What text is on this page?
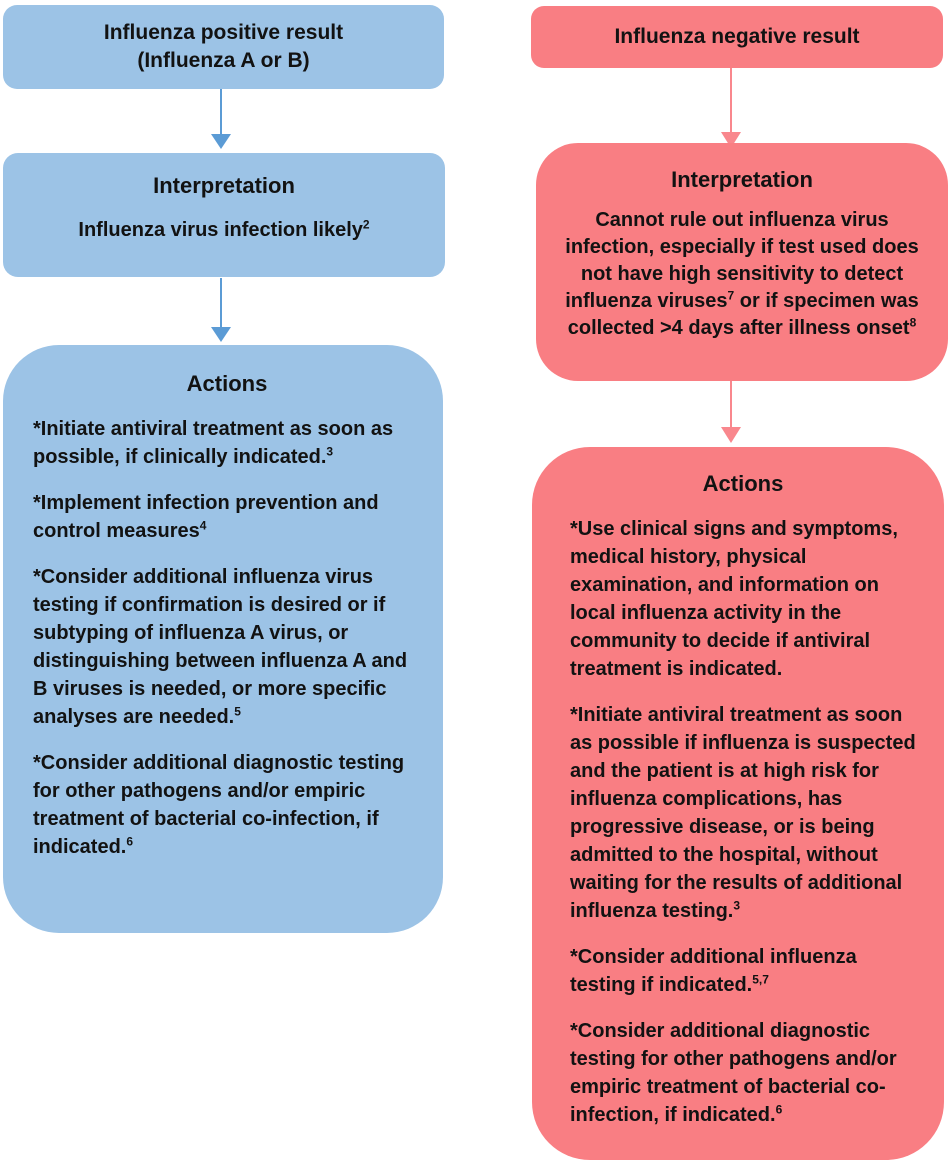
Influenza positive result
(Influenza A or B)
Interpretation

Influenza virus infection likely$^2$

Actions

*Initiate antiviral treatment as soon as possible, if clinically indicated.$^3$

*Implement infection prevention and control measures$^4$

*Consider additional influenza virus testing if confirmation is desired or if subtyping of influenza A virus, or distinguishing between influenza A and B viruses is needed, or more specific analyses are needed.$^5$

*Consider additional diagnostic testing for other pathogens and/or empiric treatment of bacterial co-infection, if indicated.$^6$

Influenza negative result
Interpretation

Cannot rule out influenza virus infection, especially if test used does not have high sensitivity to detect influenza viruses$^7$ or if specimen was collected >4 days after illness onset$^8$

Actions

*Use clinical signs and symptoms, medical history, physical examination, and information on local influenza activity in the community to decide if antiviral treatment is indicated.

*Initiate antiviral treatment as soon as possible if influenza is suspected and the patient is at high risk for influenza complications, has progressive disease, or is being admitted to the hospital, without waiting for the results of additional influenza testing.$^3$

*Consider additional influenza testing if indicated.$^{5,7}$

*Consider additional diagnostic testing for other pathogens and/or empiric treatment of bacterial co-infection, if indicated.$^6$
